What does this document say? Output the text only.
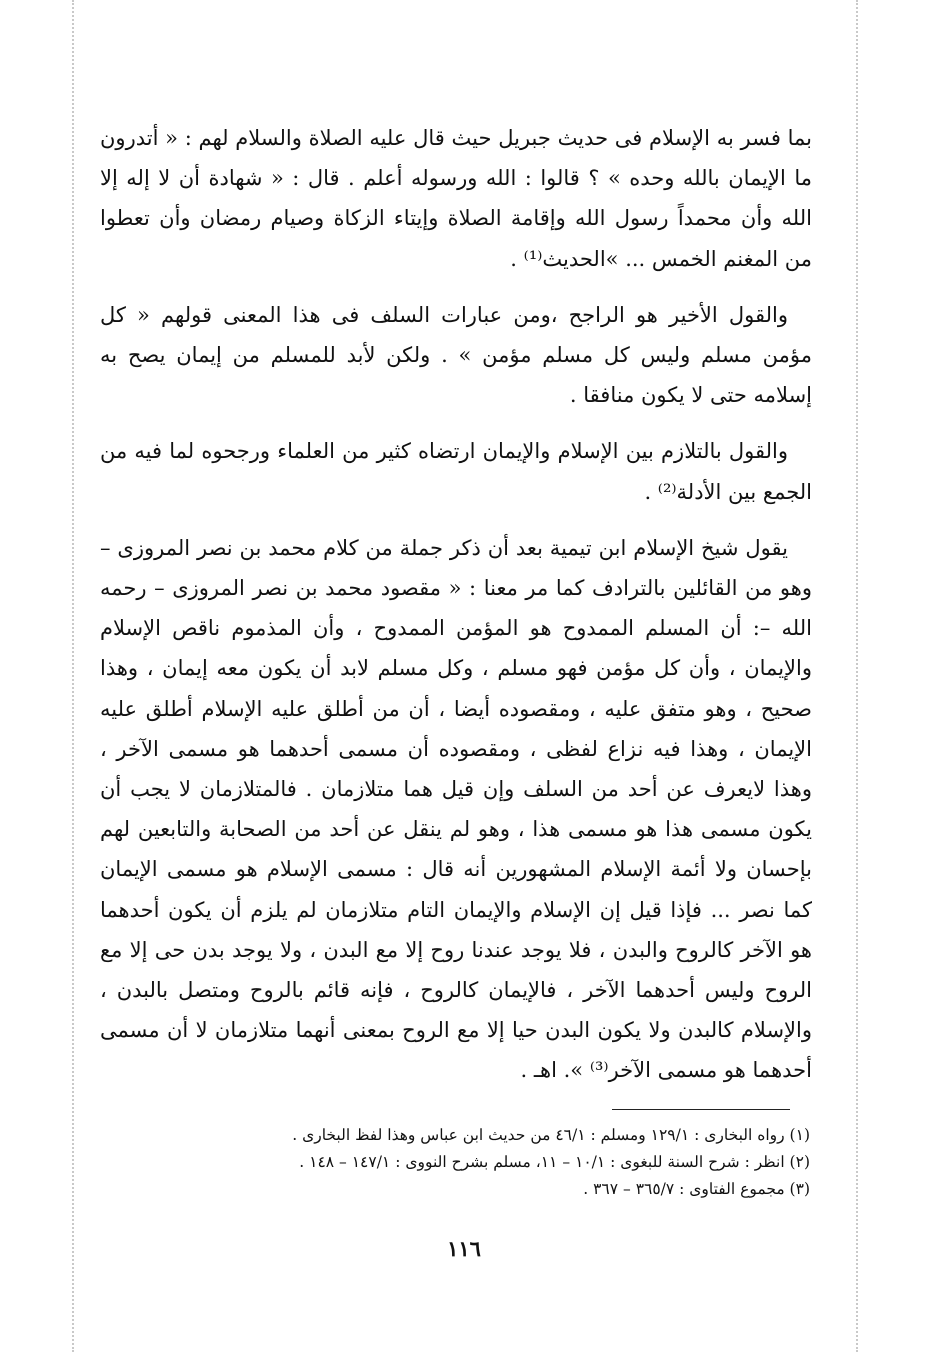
بما فسر به الإسلام فى حديث جبريل حيث قال عليه الصلاة والسلام لهم : « أتدرون ما الإيمان بالله وحده » ؟ قالوا : الله ورسوله أعلم . قال : « شهادة أن لا إله إلا الله وأن محمداً رسول الله وإقامة الصلاة وإيتاء الزكاة وصيام رمضان وأن تعطوا من المغنم الخمس ... »الحديث⁽¹⁾ .

والقول الأخير هو الراجح ،ومن عبارات السلف فى هذا المعنى قولهم « كل مؤمن مسلم وليس كل مسلم مؤمن » . ولكن لأبد للمسلم من إيمان يصح به إسلامه حتى لا يكون منافقا .

والقول بالتلازم بين الإسلام والإيمان ارتضاه كثير من العلماء ورجحوه لما فيه من الجمع بين الأدلة⁽²⁾ .

يقول شيخ الإسلام ابن تيمية بعد أن ذكر جملة من كلام محمد بن نصر المروزى – وهو من القائلين بالترادف كما مر معنا : « مقصود محمد بن نصر المروزى – رحمه الله –: أن المسلم الممدوح هو المؤمن الممدوح ، وأن المذموم ناقص الإسلام والإيمان ، وأن كل مؤمن فهو مسلم ، وكل مسلم لابد أن يكون معه إيمان ، وهذا صحيح ، وهو متفق عليه ، ومقصوده أيضا ، أن من أطلق عليه الإسلام أطلق عليه الإيمان ، وهذا فيه نزاع لفظى ، ومقصوده أن مسمى أحدهما هو مسمى الآخر ، وهذا لايعرف عن أحد من السلف وإن قيل هما متلازمان . فالمتلازمان لا يجب أن يكون مسمى هذا هو مسمى هذا ، وهو لم ينقل عن أحد من الصحابة والتابعين لهم بإحسان ولا أئمة الإسلام المشهورين أنه قال : مسمى الإسلام هو مسمى الإيمان كما نصر ... فإذا قيل إن الإسلام والإيمان التام متلازمان لم يلزم أن يكون أحدهما هو الآخر كالروح والبدن ، فلا يوجد عندنا روح إلا مع البدن ، ولا يوجد بدن حى إلا مع الروح وليس أحدهما الآخر ، فالإيمان كالروح ، فإنه قائم بالروح ومتصل بالبدن ، والإسلام كالبدن ولا يكون البدن حيا إلا مع الروح بمعنى أنهما متلازمان لا أن مسمى أحدهما هو مسمى الآخر⁽³⁾ ». اهـ .

(١) رواه البخارى : ١٢٩/١ ومسلم : ٤٦/١ من حديث ابن عباس وهذا لفظ البخارى .
(٢) انظر : شرح السنة للبغوى : ١٠/١ – ١١، مسلم بشرح النووى : ١٤٧/١ – ١٤٨ .
(٣) مجموع الفتاوى : ٣٦٥/٧ – ٣٦٧ .
١١٦
